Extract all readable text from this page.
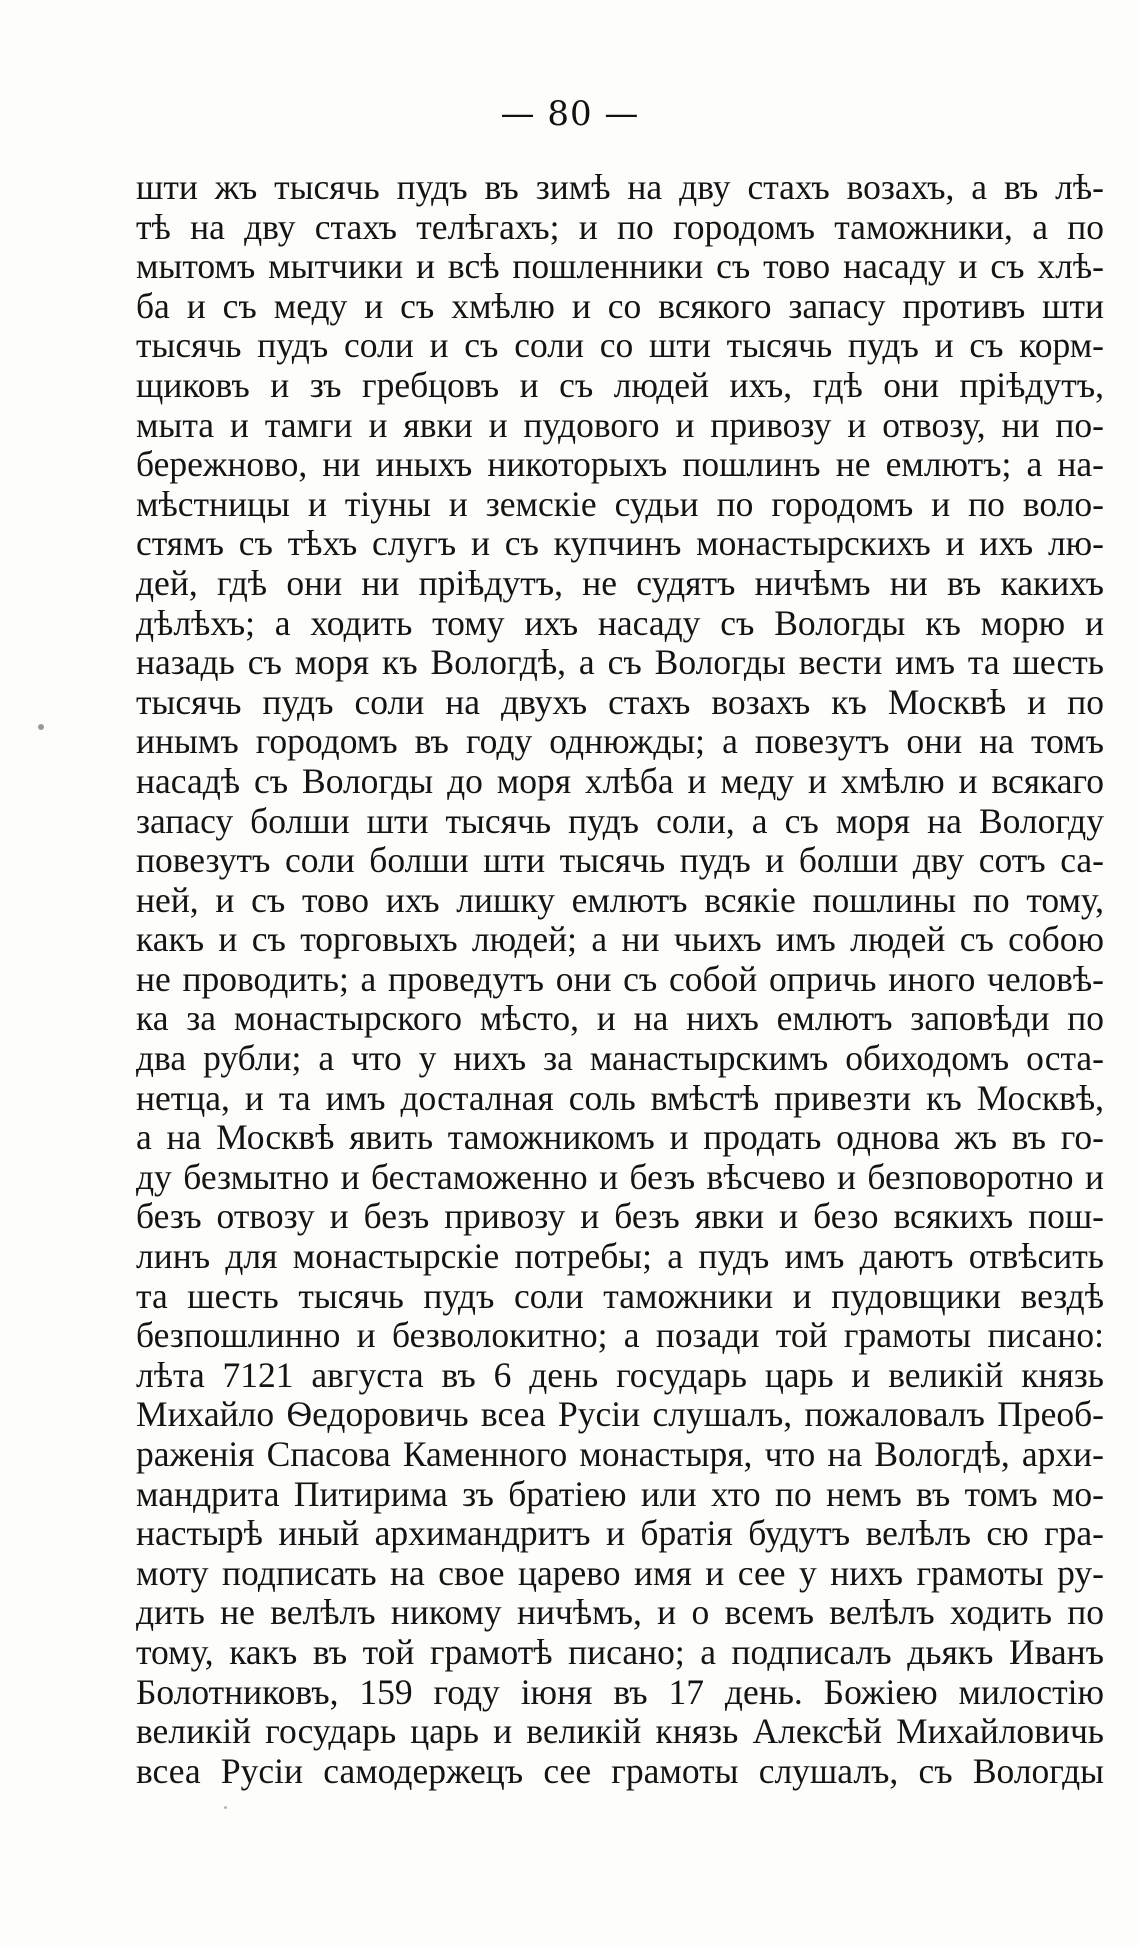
— 80 —
шти жъ тысячь пудъ въ зимѣ на дву стахъ возахъ, а въ лѣ-
тѣ на дву стахъ телѣгахъ; и по городомъ таможники, а по
мытомъ мытчики и всѣ пошленники съ тово насаду и съ хлѣ-
ба и съ меду и съ хмѣлю и со всякого запасу противъ шти
тысячь пудъ соли и съ соли со шти тысячь пудъ и съ корм-
щиковъ и зъ гребцовъ и съ людей ихъ, гдѣ они прiѣдутъ,
мыта и тамги и явки и пудового и привозу и отвозу, ни по-
бережново, ни иныхъ никоторыхъ пошлинъ не емлютъ; а на-
мѣстницы и тiуны и земскiе судьи по городомъ и по воло-
стямъ съ тѣхъ слугъ и съ купчинъ монастырскихъ и ихъ лю-
дей, гдѣ они ни прiѣдутъ, не судятъ ничѣмъ ни въ какихъ
дѣлѣхъ; а ходить тому ихъ насаду съ Вологды къ морю и
назадь съ моря къ Вологдѣ, а съ Вологды вести имъ та шесть
тысячь пудъ соли на двухъ стахъ возахъ къ Москвѣ и по
инымъ городомъ въ году однюжды; а повезутъ они на томъ
насадѣ съ Вологды до моря хлѣба и меду и хмѣлю и всякаго
запасу болши шти тысячь пудъ соли, а съ моря на Вологду
повезутъ соли болши шти тысячь пудъ и болши дву сотъ са-
ней, и съ тово ихъ лишку емлютъ всякiе пошлины по тому,
какъ и съ торговыхъ людей; а ни чьихъ имъ людей съ собою
не проводить; а проведутъ они съ собой опричь иного человѣ-
ка за монастырского мѣсто, и на нихъ емлютъ заповѣди по
два рубли; а что у нихъ за манастырскимъ обиходомъ оста-
нетца, и та имъ досталная соль вмѣстѣ привезти къ Москвѣ,
а на Москвѣ явить таможникомъ и продать однова жъ въ го-
ду безмытно и бестаможенно и безъ вѣсчево и безповоротно и
безъ отвозу и безъ привозу и безъ явки и безо всякихъ пош-
линъ для монастырскiе потребы; а пудъ имъ даютъ отвѣсить
та шесть тысячь пудъ соли таможники и пудовщики вездѣ
безпошлинно и безволокитно; а позади той грамоты писано:
лѣта 7121 августа въ 6 день государь царь и великiй князь
Михайло Ѳедоровичь всеа Русiи слушалъ, пожаловалъ Преоб-
раженiя Спасова Каменного монастыря, что на Вологдѣ, архи-
мандрита Питирима зъ братiею или хто по немъ въ томъ мо-
настырѣ иный архимандритъ и братiя будутъ велѣлъ сю гра-
моту подписать на свое царево имя и сее у нихъ грамоты ру-
дить не велѣлъ никому ничѣмъ, и о всемъ велѣлъ ходить по
тому, какъ въ той грамотѣ писано; а подписалъ дьякъ Иванъ
Болотниковъ, 159 году iюня въ 17 день. Божiею милостiю
великiй государь царь и великiй князь Алексѣй Михайловичь
всеа Русiи самодержецъ сее грамоты слушалъ, съ Вологды
